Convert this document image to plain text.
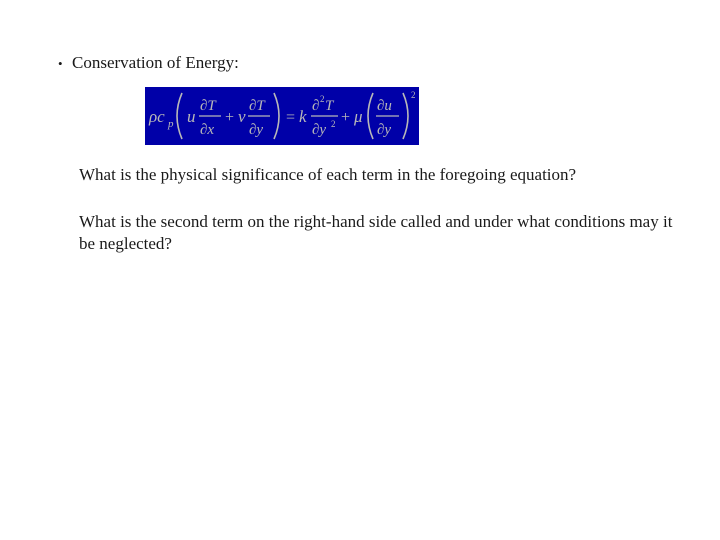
• Conservation of Energy:
ρc p u
∂T
∂x
+ v
∂T
∂y
= k
∂ 2 T
∂y 2 + μ
∂u
∂y
2
What is the physical significance of each term in the foregoing equation?
What is the second term on the right-hand side called and under what conditions may it be neglected?
